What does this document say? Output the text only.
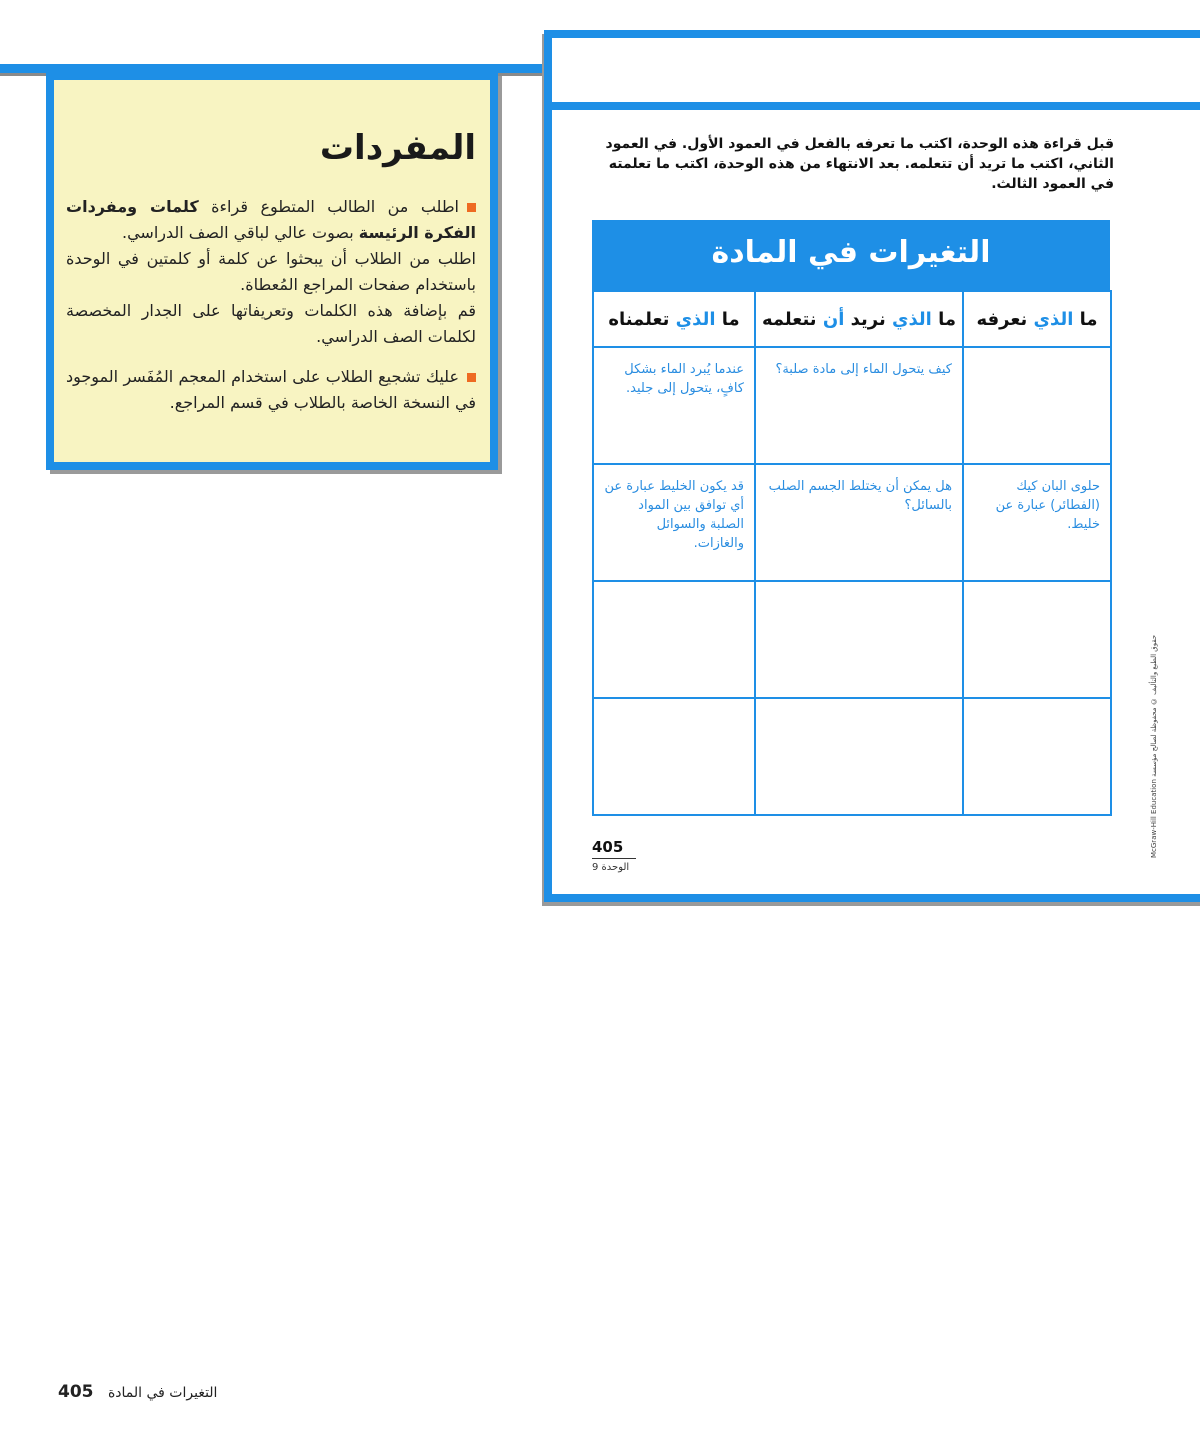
المفردات
اطلب من الطالب المتطوع قراءة كلمات ومفردات الفكرة الرئيسة بصوت عالي لباقي الصف الدراسي.
اطلب من الطلاب أن يبحثوا عن كلمة أو كلمتين في الوحدة باستخدام صفحات المراجع المُعطاة.
قم بإضافة هذه الكلمات وتعريفاتها على الجدار المخصصة لكلمات الصف الدراسي.
عليك تشجيع الطلاب على استخدام المعجم المُفَسر الموجود في النسخة الخاصة بالطلاب في قسم المراجع.
قبل قراءة هذه الوحدة، اكتب ما تعرفه بالفعل في العمود الأول. في العمود الثاني، اكتب ما تريد أن تتعلمه. بعد الانتهاء من هذه الوحدة، اكتب ما تعلمته في العمود الثالث.
التغيرات في المادة
ما الذي نعرفه	ما الذي نريد أن نتعلمه	ما الذي تعلمناه
	كيف يتحول الماء إلى مادة صلبة؟	عندما يُبرد الماء بشكل كافٍ، يتحول إلى جليد.
حلوى البان كيك (الفطائر) عبارة عن خليط.	هل يمكن أن يختلط الجسم الصلب بالسائل؟	قد يكون الخليط عبارة عن أي توافق بين المواد الصلبة والسوائل والغازات.

405
الوحدة 9
McGraw-Hill Education حقوق الطبع والتأليف © محفوظة لصالح مؤسسة
405 التغيرات في المادة
